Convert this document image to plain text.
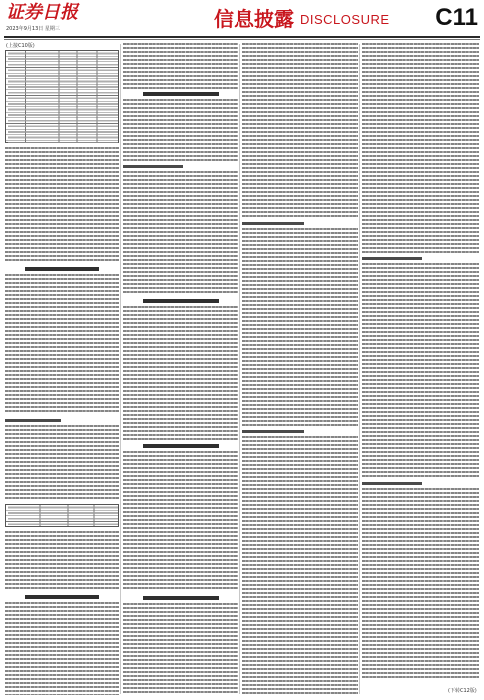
证券日报
2023年9月13日 星期三	信息披露 DISCLOSURE C11
(上接C10版)
(下转C12版)
